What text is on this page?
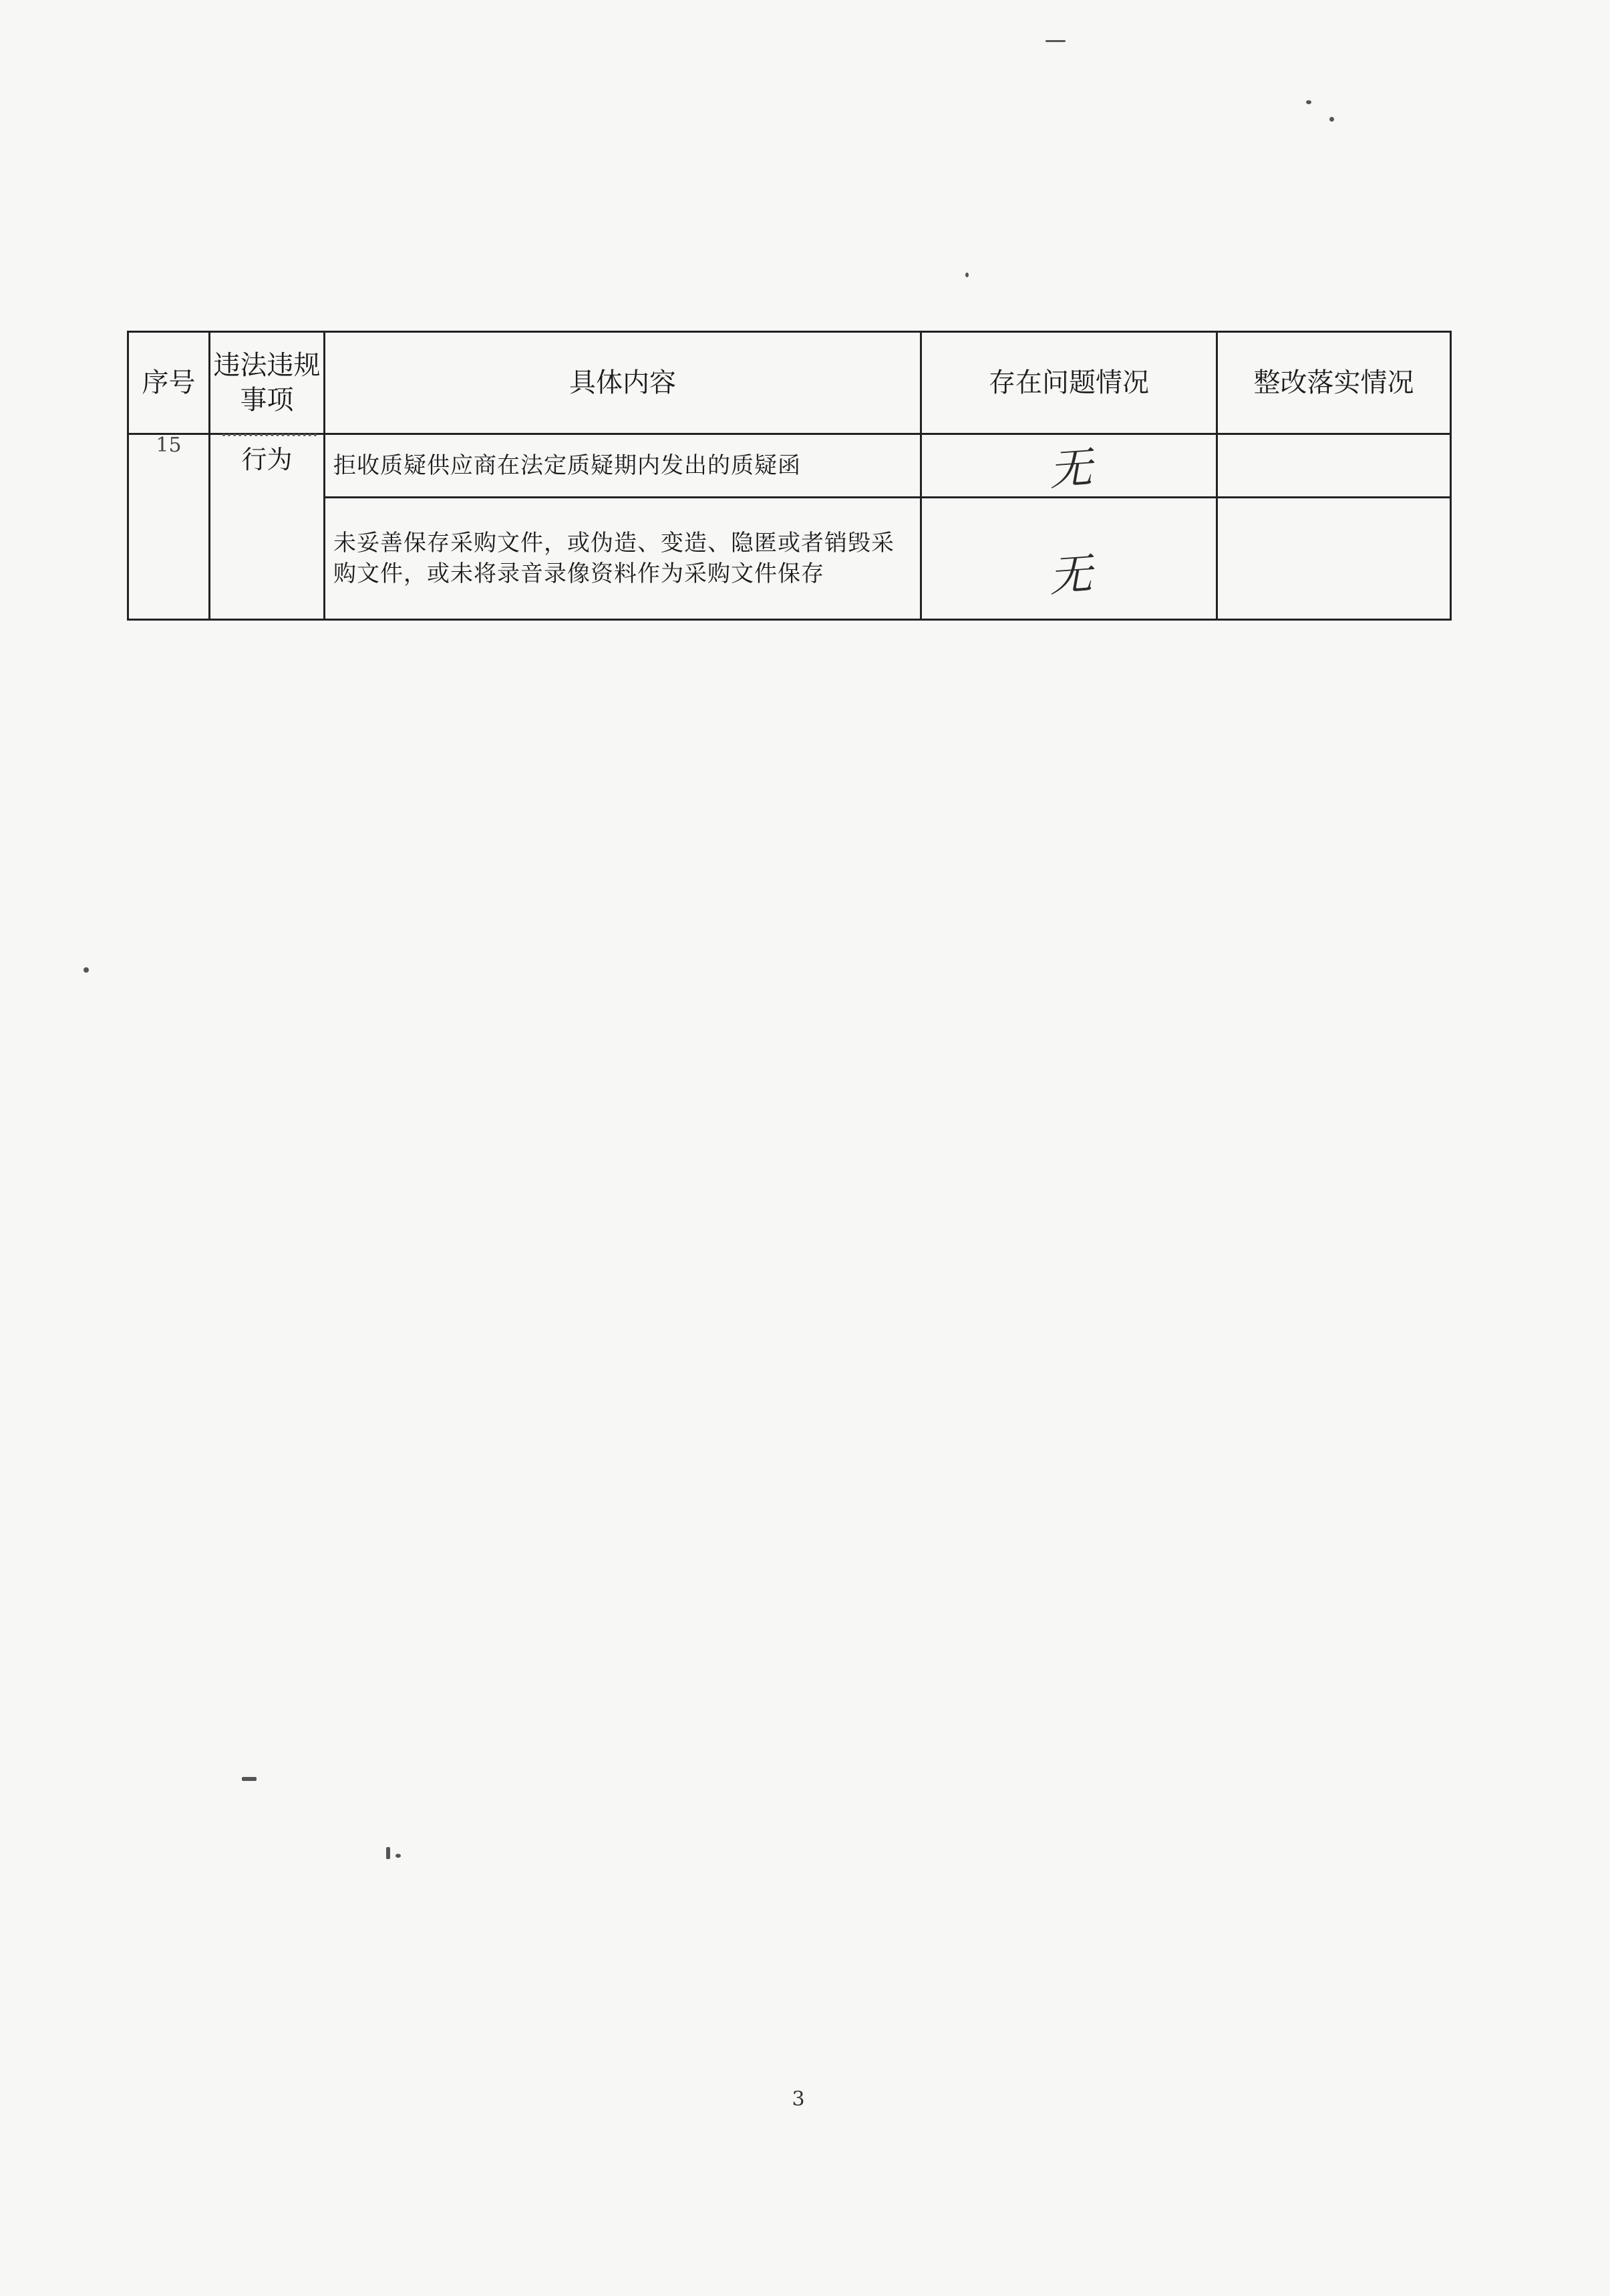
序号	违法违规事项	具体内容	存在问题情况	整改落实情况

15	行为	拒收质疑供应商在法定质疑期内发出的质疑函	无	
		未妥善保存采购文件，或伪造、变造、隐匿或者销毁采购文件，或未将录音录像资料作为采购文件保存	无	
3
